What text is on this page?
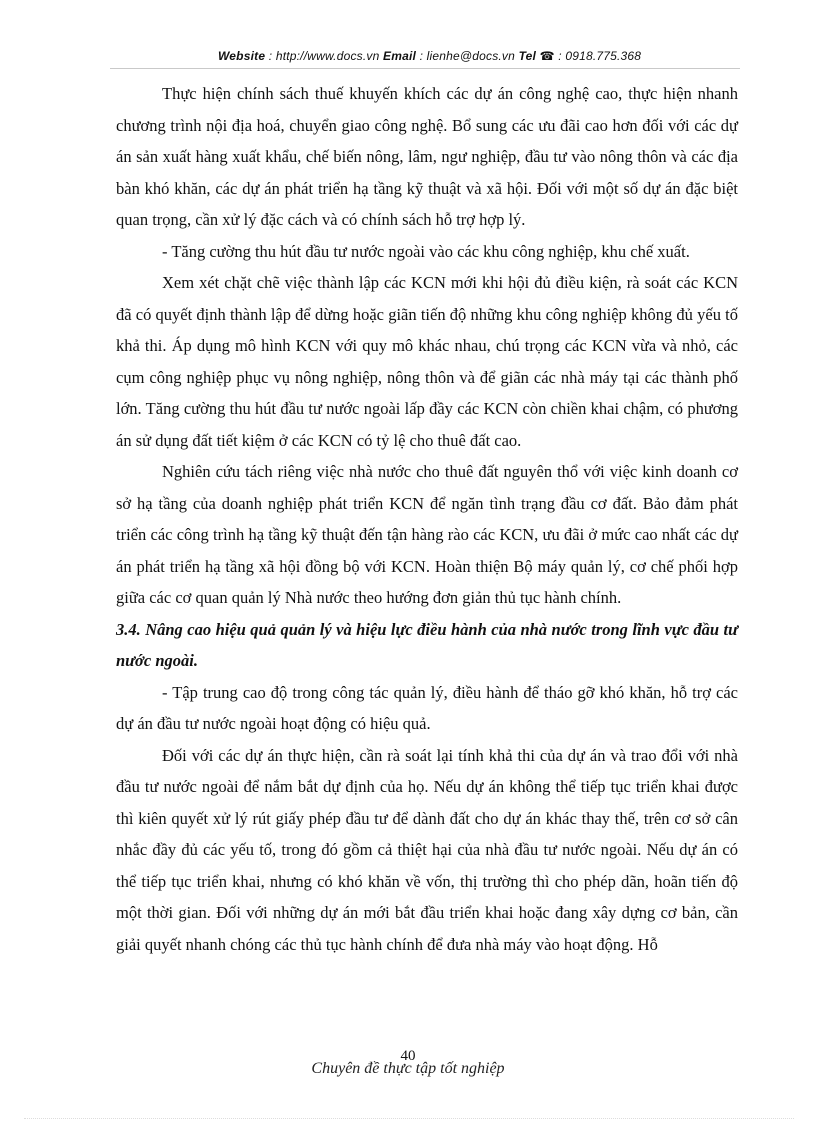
Website : http://www.docs.vn Email : lienhe@docs.vn Tel ☎ : 0918.775.368

Thực hiện chính sách thuế khuyến khích các dự án công nghệ cao, thực hiện nhanh chương trình nội địa hoá, chuyển giao công nghệ. Bổ sung các ưu đãi cao hơn đối với các dự án sản xuất hàng xuất khẩu, chế biến nông, lâm, ngư nghiệp, đầu tư vào nông thôn và các địa bàn khó khăn, các dự án phát triển hạ tầng kỹ thuật và xã hội. Đối với một số dự án đặc biệt quan trọng, cần xử lý đặc cách và có chính sách hỗ trợ hợp lý.

- Tăng cường thu hút đầu tư nước ngoài vào các khu công nghiệp, khu chế xuất.

Xem xét chặt chẽ việc thành lập các KCN mới khi hội đủ điều kiện, rà soát các KCN đã có quyết định thành lập để dừng hoặc giãn tiến độ những khu công nghiệp không đủ yếu tố khả thi. Áp dụng mô hình KCN với quy mô khác nhau, chú trọng các KCN vừa và nhỏ, các cụm công nghiệp phục vụ nông nghiệp, nông thôn và để giãn các nhà máy tại các thành phố lớn. Tăng cường thu hút đầu tư nước ngoài lấp đầy các KCN còn chiền khai chậm, có phương án sử dụng đất tiết kiệm ở các KCN có tỷ lệ cho thuê đất cao.

Nghiên cứu tách riêng việc nhà nước cho thuê đất nguyên thổ với việc kinh doanh cơ sở hạ tầng của doanh nghiệp phát triển KCN để ngăn tình trạng đầu cơ đất. Bảo đảm phát triển các công trình hạ tầng kỹ thuật đến tận hàng rào các KCN, ưu đãi ở mức cao nhất các dự án phát triển hạ tầng xã hội đồng bộ với KCN. Hoàn thiện Bộ máy quản lý, cơ chế phối hợp giữa các cơ quan quản lý Nhà nước theo hướng đơn giản thủ tục hành chính.

3.4. Nâng cao hiệu quả quản lý và hiệu lực điều hành của nhà nước trong lĩnh vực đầu tư nước ngoài.

- Tập trung cao độ trong công tác quản lý, điều hành để tháo gỡ khó khăn, hỗ trợ các dự án đầu tư nước ngoài hoạt động có hiệu quả.

Đối với các dự án thực hiện, cần rà soát lại tính khả thi của dự án và trao đổi với nhà đầu tư nước ngoài để nắm bắt dự định của họ. Nếu dự án không thể tiếp tục triển khai được thì kiên quyết xử lý rút giấy phép đầu tư để dành đất cho dự án khác thay thế, trên cơ sở cân nhắc đầy đủ các yếu tố, trong đó gồm cả thiệt hại của nhà đầu tư nước ngoài. Nếu dự án có thể tiếp tục triển khai, nhưng có khó khăn về vốn, thị trường thì cho phép dãn, hoãn tiến độ một thời gian. Đối với những dự án mới bắt đầu triển khai hoặc đang xây dựng cơ bản, cần giải quyết nhanh chóng các thủ tục hành chính để đưa nhà máy vào hoạt động. Hỗ

40
Chuyên đề thực tập tốt nghiệp
